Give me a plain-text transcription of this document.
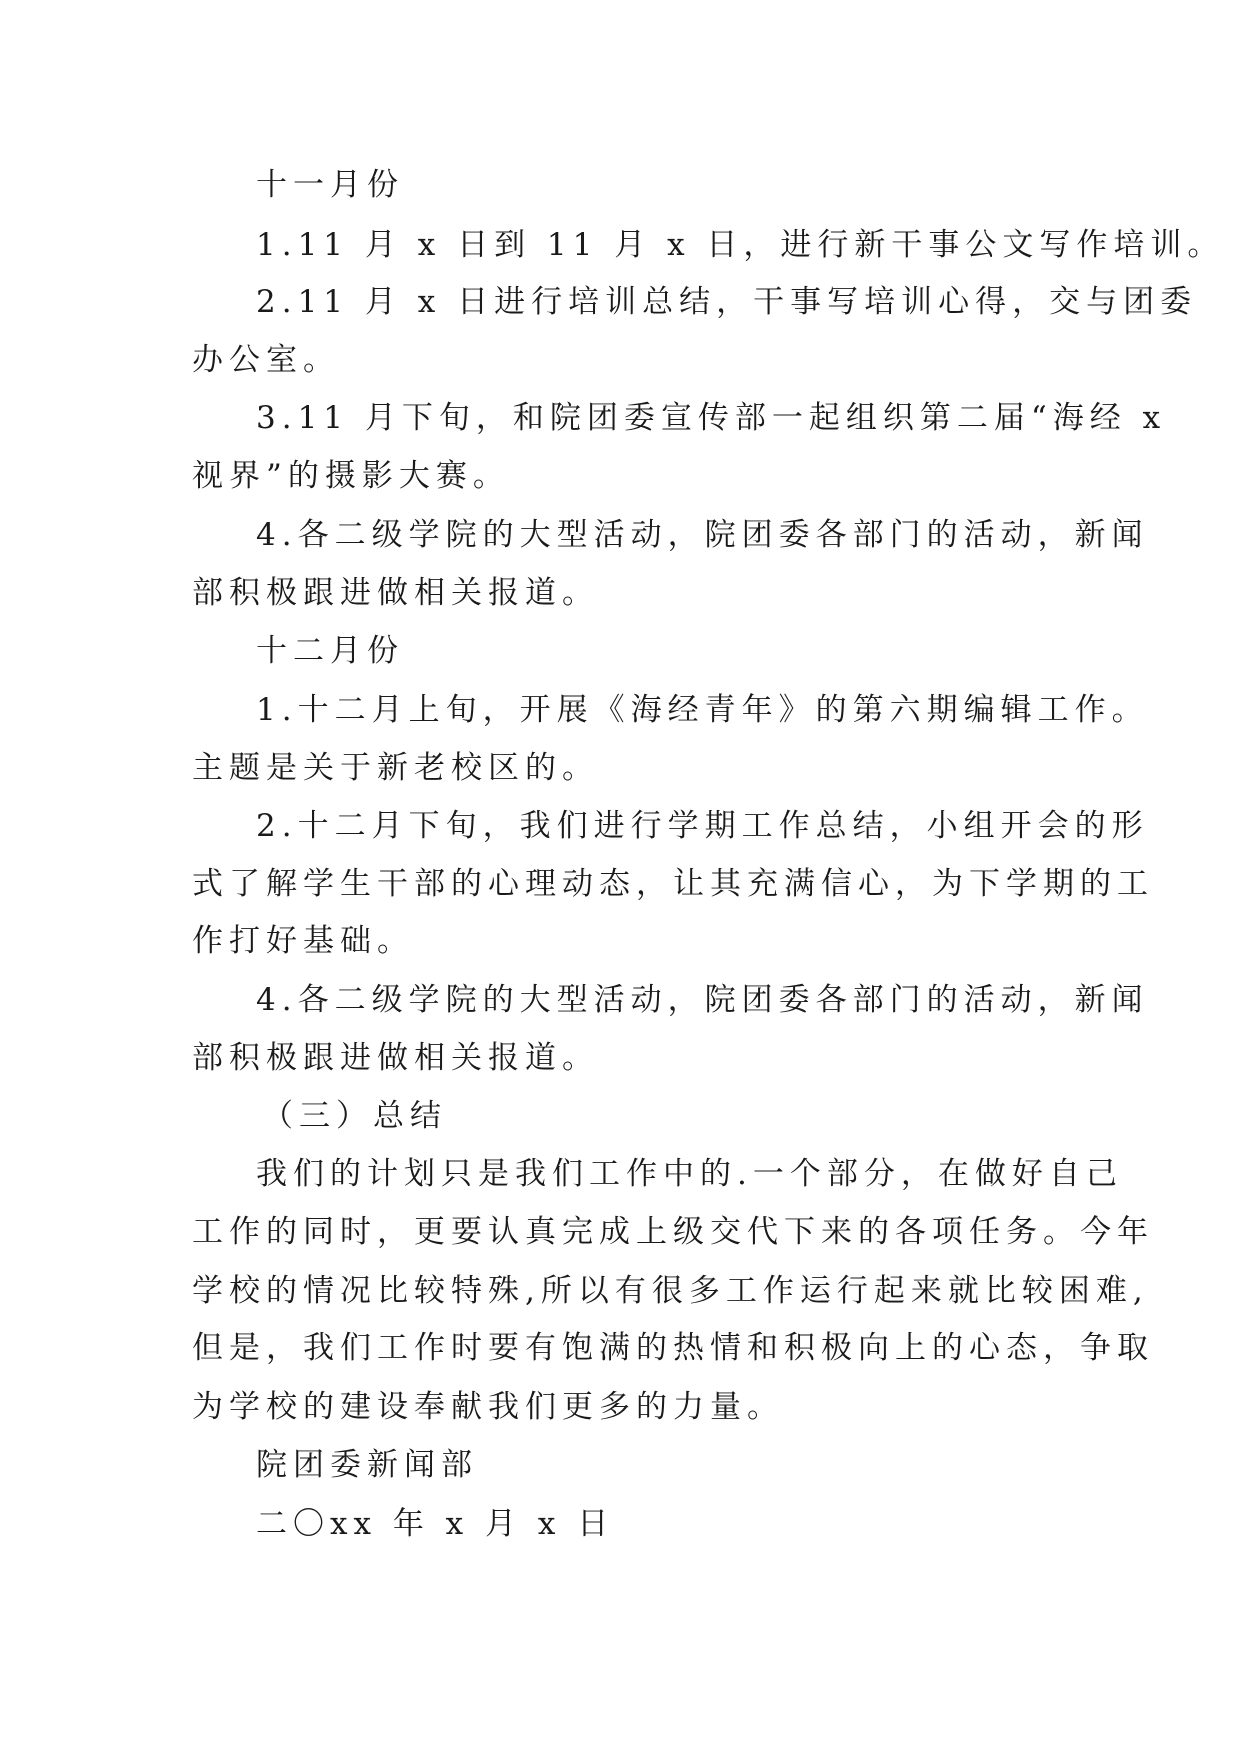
十一月份
1.11 月 x 日到 11 月 x 日，进行新干事公文写作培训。
2.11 月 x 日进行培训总结，干事写培训心得，交与团委
办公室。
3.11 月下旬，和院团委宣传部一起组织第二届“海经 x
视界”的摄影大赛。
4.各二级学院的大型活动，院团委各部门的活动，新闻
部积极跟进做相关报道。
十二月份
1.十二月上旬，开展《海经青年》的第六期编辑工作。
主题是关于新老校区的。
2.十二月下旬，我们进行学期工作总结，小组开会的形
式了解学生干部的心理动态，让其充满信心，为下学期的工
作打好基础。
4.各二级学院的大型活动，院团委各部门的活动，新闻
部积极跟进做相关报道。
（三）总结
我们的计划只是我们工作中的.一个部分，在做好自己
工作的同时，更要认真完成上级交代下来的各项任务。今年
学校的情况比较特殊,所以有很多工作运行起来就比较困难,
但是，我们工作时要有饱满的热情和积极向上的心态，争取
为学校的建设奉献我们更多的力量。
院团委新闻部
二〇xx 年 x 月 x 日
